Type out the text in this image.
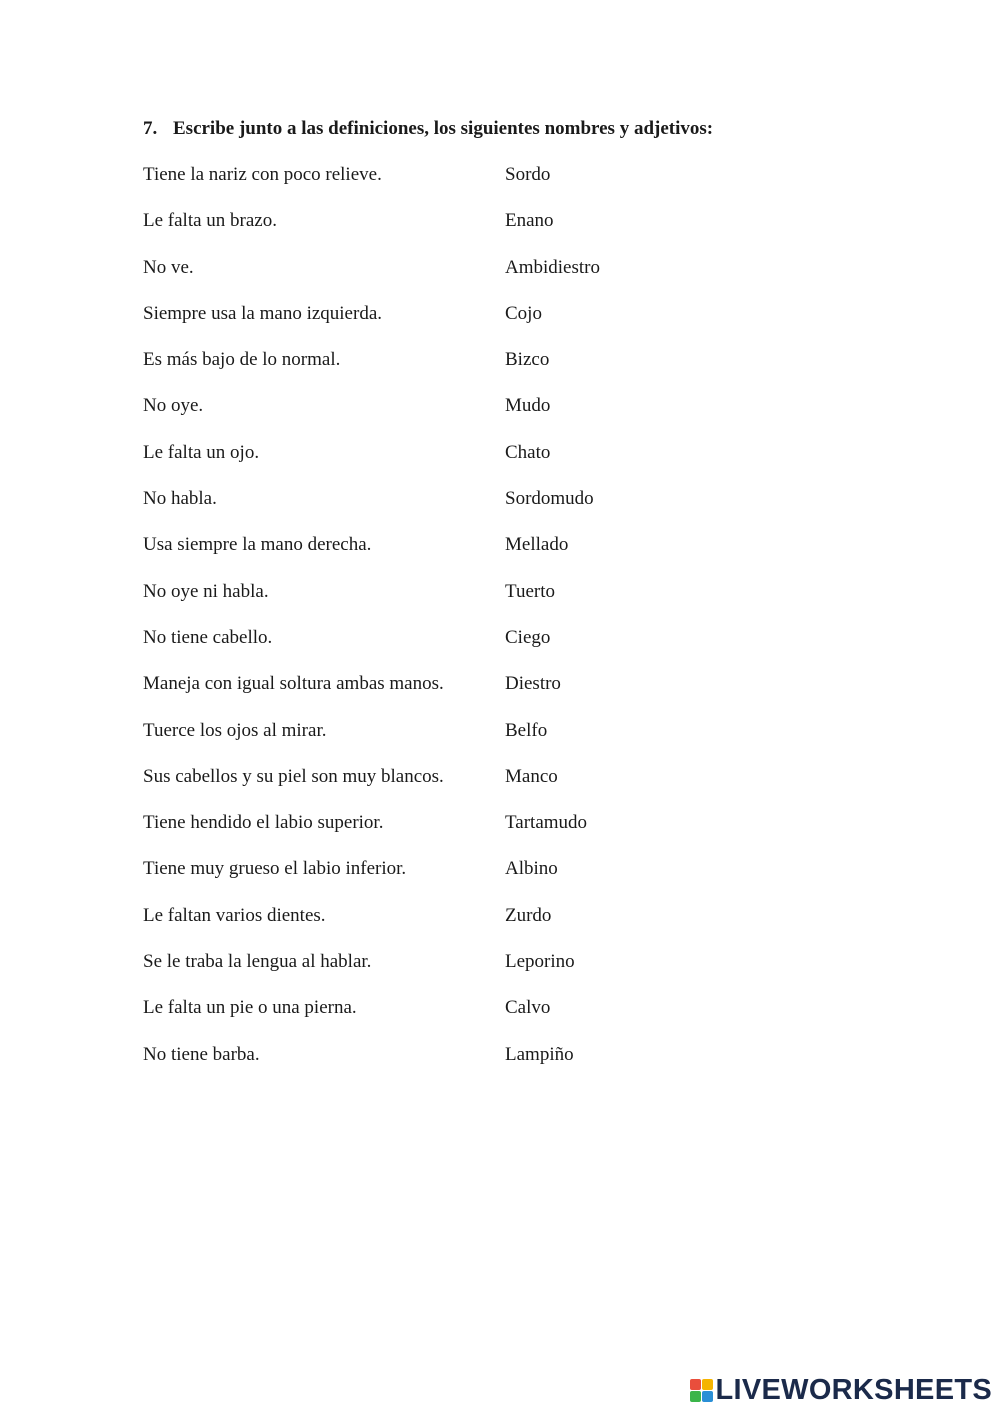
7. Escribe junto a las definiciones, los siguientes nombres y adjetivos:
Tiene la nariz con poco relieve.	Sordo
Le falta un brazo.	Enano
No ve.	Ambidiestro
Siempre usa la mano izquierda.	Cojo
Es más bajo de lo normal.	Bizco
No oye.	Mudo
Le falta un ojo.	Chato
No habla.	Sordomudo
Usa siempre la mano derecha.	Mellado
No oye ni habla.	Tuerto
No tiene cabello.	Ciego
Maneja con igual soltura ambas manos.	Diestro
Tuerce los ojos al mirar.	Belfo
Sus cabellos y su piel son muy blancos.	Manco
Tiene hendido el labio superior.	Tartamudo
Tiene muy grueso el labio inferior.	Albino
Le faltan varios dientes.	Zurdo
Se le traba la lengua al hablar.	Leporino
Le falta un pie o una pierna.	Calvo
No tiene barba.	Lampiño
LIVEWORKSHEETS
